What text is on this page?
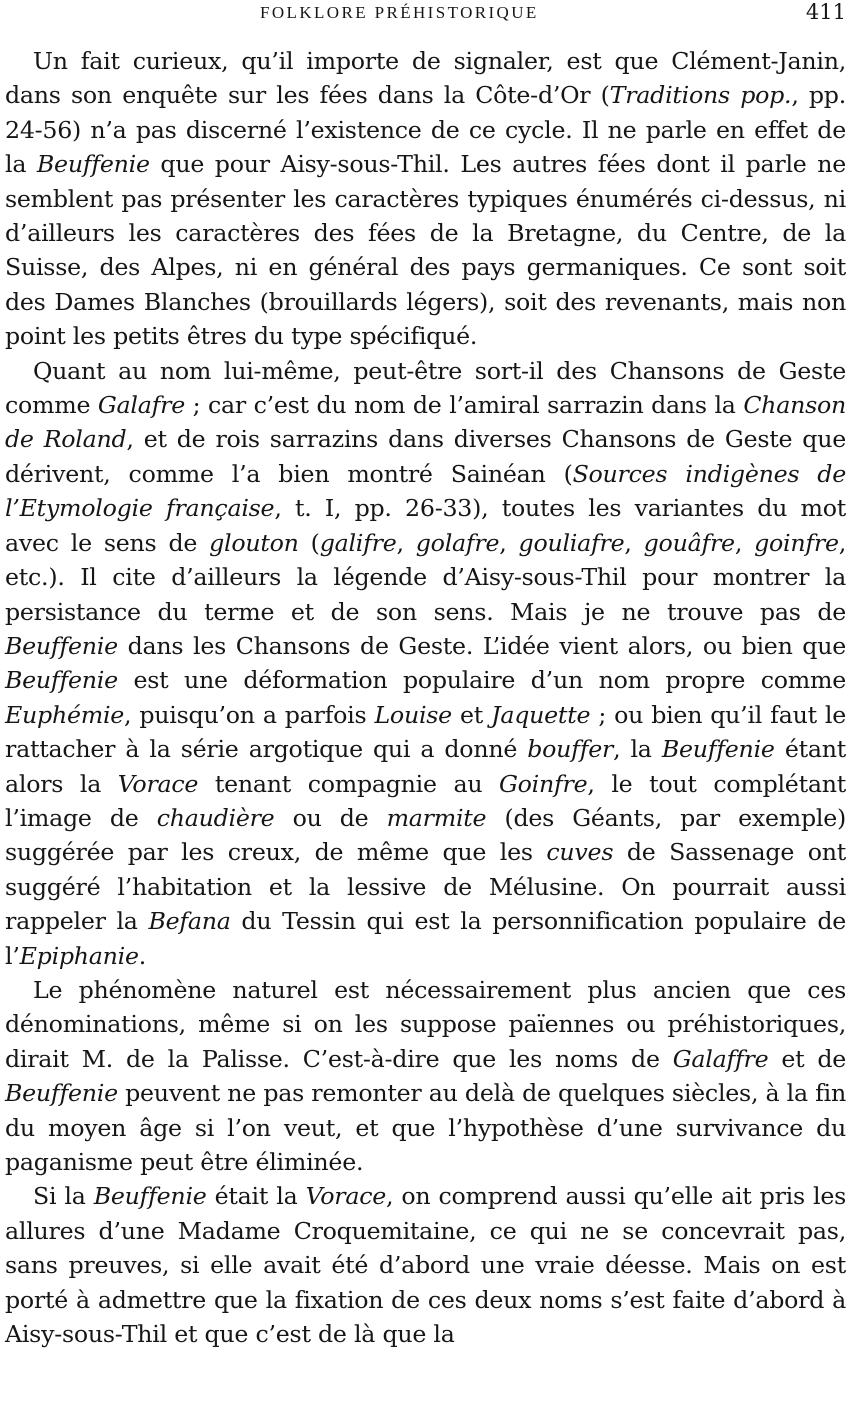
FOLKLORE PRÉHISTORIQUE	411

Un fait curieux, qu’il importe de signaler, est que Clément-Janin, dans son enquête sur les fées dans la Côte-d’Or (Traditions pop., pp. 24-56) n’a pas discerné l’existence de ce cycle. Il ne parle en effet de la Beuffenie que pour Aisy-sous-Thil. Les autres fées dont il parle ne semblent pas présenter les caractères typiques énumérés ci-dessus, ni d’ailleurs les caractères des fées de la Bretagne, du Centre, de la Suisse, des Alpes, ni en général des pays germaniques. Ce sont soit des Dames Blanches (brouillards légers), soit des revenants, mais non point les petits êtres du type spécifiqué.

Quant au nom lui-même, peut-être sort-il des Chansons de Geste comme Galafre ; car c’est du nom de l’amiral sarrazin dans la Chanson de Roland, et de rois sarrazins dans diverses Chansons de Geste que dérivent, comme l’a bien montré Sainéan (Sources indigènes de l’Etymologie française, t. I, pp. 26-33), toutes les variantes du mot avec le sens de glouton (galifre, golafre, gouliafre, gouâfre, goinfre, etc.). Il cite d’ailleurs la légende d’Aisy-sous-Thil pour montrer la persistance du terme et de son sens. Mais je ne trouve pas de Beuffenie dans les Chansons de Geste. L’idée vient alors, ou bien que Beuffenie est une déformation populaire d’un nom propre comme Euphémie, puisqu’on a parfois Louise et Jaquette ; ou bien qu’il faut le rattacher à la série argotique qui a donné bouffer, la Beuffenie étant alors la Vorace tenant compagnie au Goinfre, le tout complétant l’image de chaudière ou de marmite (des Géants, par exemple) suggérée par les creux, de même que les cuves de Sassenage ont suggéré l’habitation et la lessive de Mélusine. On pourrait aussi rappeler la Befana du Tessin qui est la personnification populaire de l’Epiphanie.

Le phénomène naturel est nécessairement plus ancien que ces dénominations, même si on les suppose païennes ou préhistoriques, dirait M. de la Palisse. C’est-à-dire que les noms de Galaffre et de Beuffenie peuvent ne pas remonter au delà de quelques siècles, à la fin du moyen âge si l’on veut, et que l’hypothèse d’une survivance du paganisme peut être éliminée.

Si la Beuffenie était la Vorace, on comprend aussi qu’elle ait pris les allures d’une Madame Croquemitaine, ce qui ne se concevrait pas, sans preuves, si elle avait été d’abord une vraie déesse. Mais on est porté à admettre que la fixation de ces deux noms s’est faite d’abord à Aisy-sous-Thil et que c’est de là que la
